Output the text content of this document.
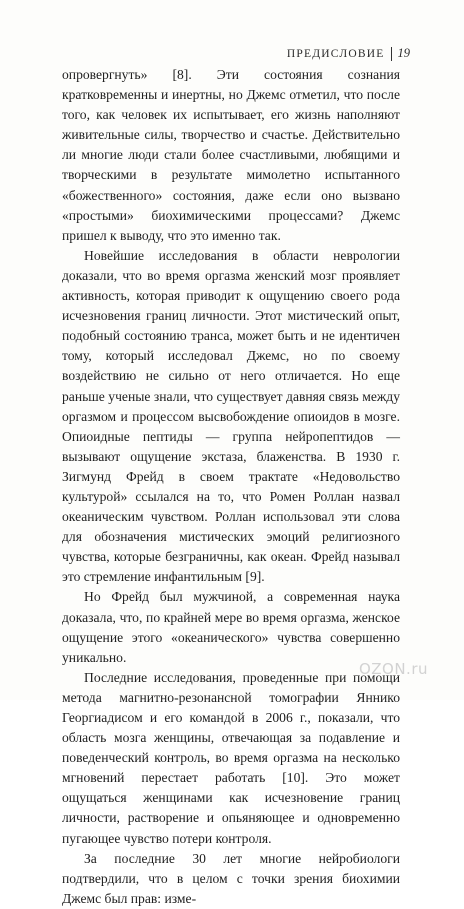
ПРЕДИСЛОВИЕ 19

опровергнуть» [8]. Эти состояния сознания кратковременны и инертны, но Джемс отметил, что после того, как человек их испытывает, его жизнь наполняют живительные силы, творчество и счастье. Действительно ли многие люди стали более счастливыми, любящими и творческими в результате мимолетно испытанного «божественного» состояния, даже если оно вызвано «простыми» биохимическими процессами? Джемс пришел к выводу, что это именно так.

Новейшие исследования в области неврологии доказали, что во время оргазма женский мозг проявляет активность, которая приводит к ощущению своего рода исчезновения границ личности. Этот мистический опыт, подобный состоянию транса, может быть и не идентичен тому, который исследовал Джемс, но по своему воздействию не сильно от него отличается. Но еще раньше ученые знали, что существует давняя связь между оргазмом и процессом высвобождение опиоидов в мозге. Опиоидные пептиды — группа нейропептидов — вызывают ощущение экстаза, блаженства. В 1930 г. Зигмунд Фрейд в своем трактате «Недовольство культурой» ссылался на то, что Ромен Роллан назвал океаническим чувством. Роллан использовал эти слова для обозначения мистических эмоций религиозного чувства, которые безграничны, как океан. Фрейд называл это стремление инфантильным [9].

Но Фрейд был мужчиной, а современная наука доказала, что, по крайней мере во время оргазма, женское ощущение этого «океанического» чувства совершенно уникально.

Последние исследования, проведенные при помощи метода магнитно-резонансной томографии Яннико Георгиадисом и его командой в 2006 г., показали, что область мозга женщины, отвечающая за подавление и поведенческий контроль, во время оргазма на несколько мгновений перестает работать [10]. Это может ощущаться женщинами как исчезновение границ личности, растворение и опьяняющее и одновременно пугающее чувство потери контроля.

За последние 30 лет многие нейробиологи подтвердили, что в целом с точки зрения биохимии Джемс был прав: изме-

OZON.ru
